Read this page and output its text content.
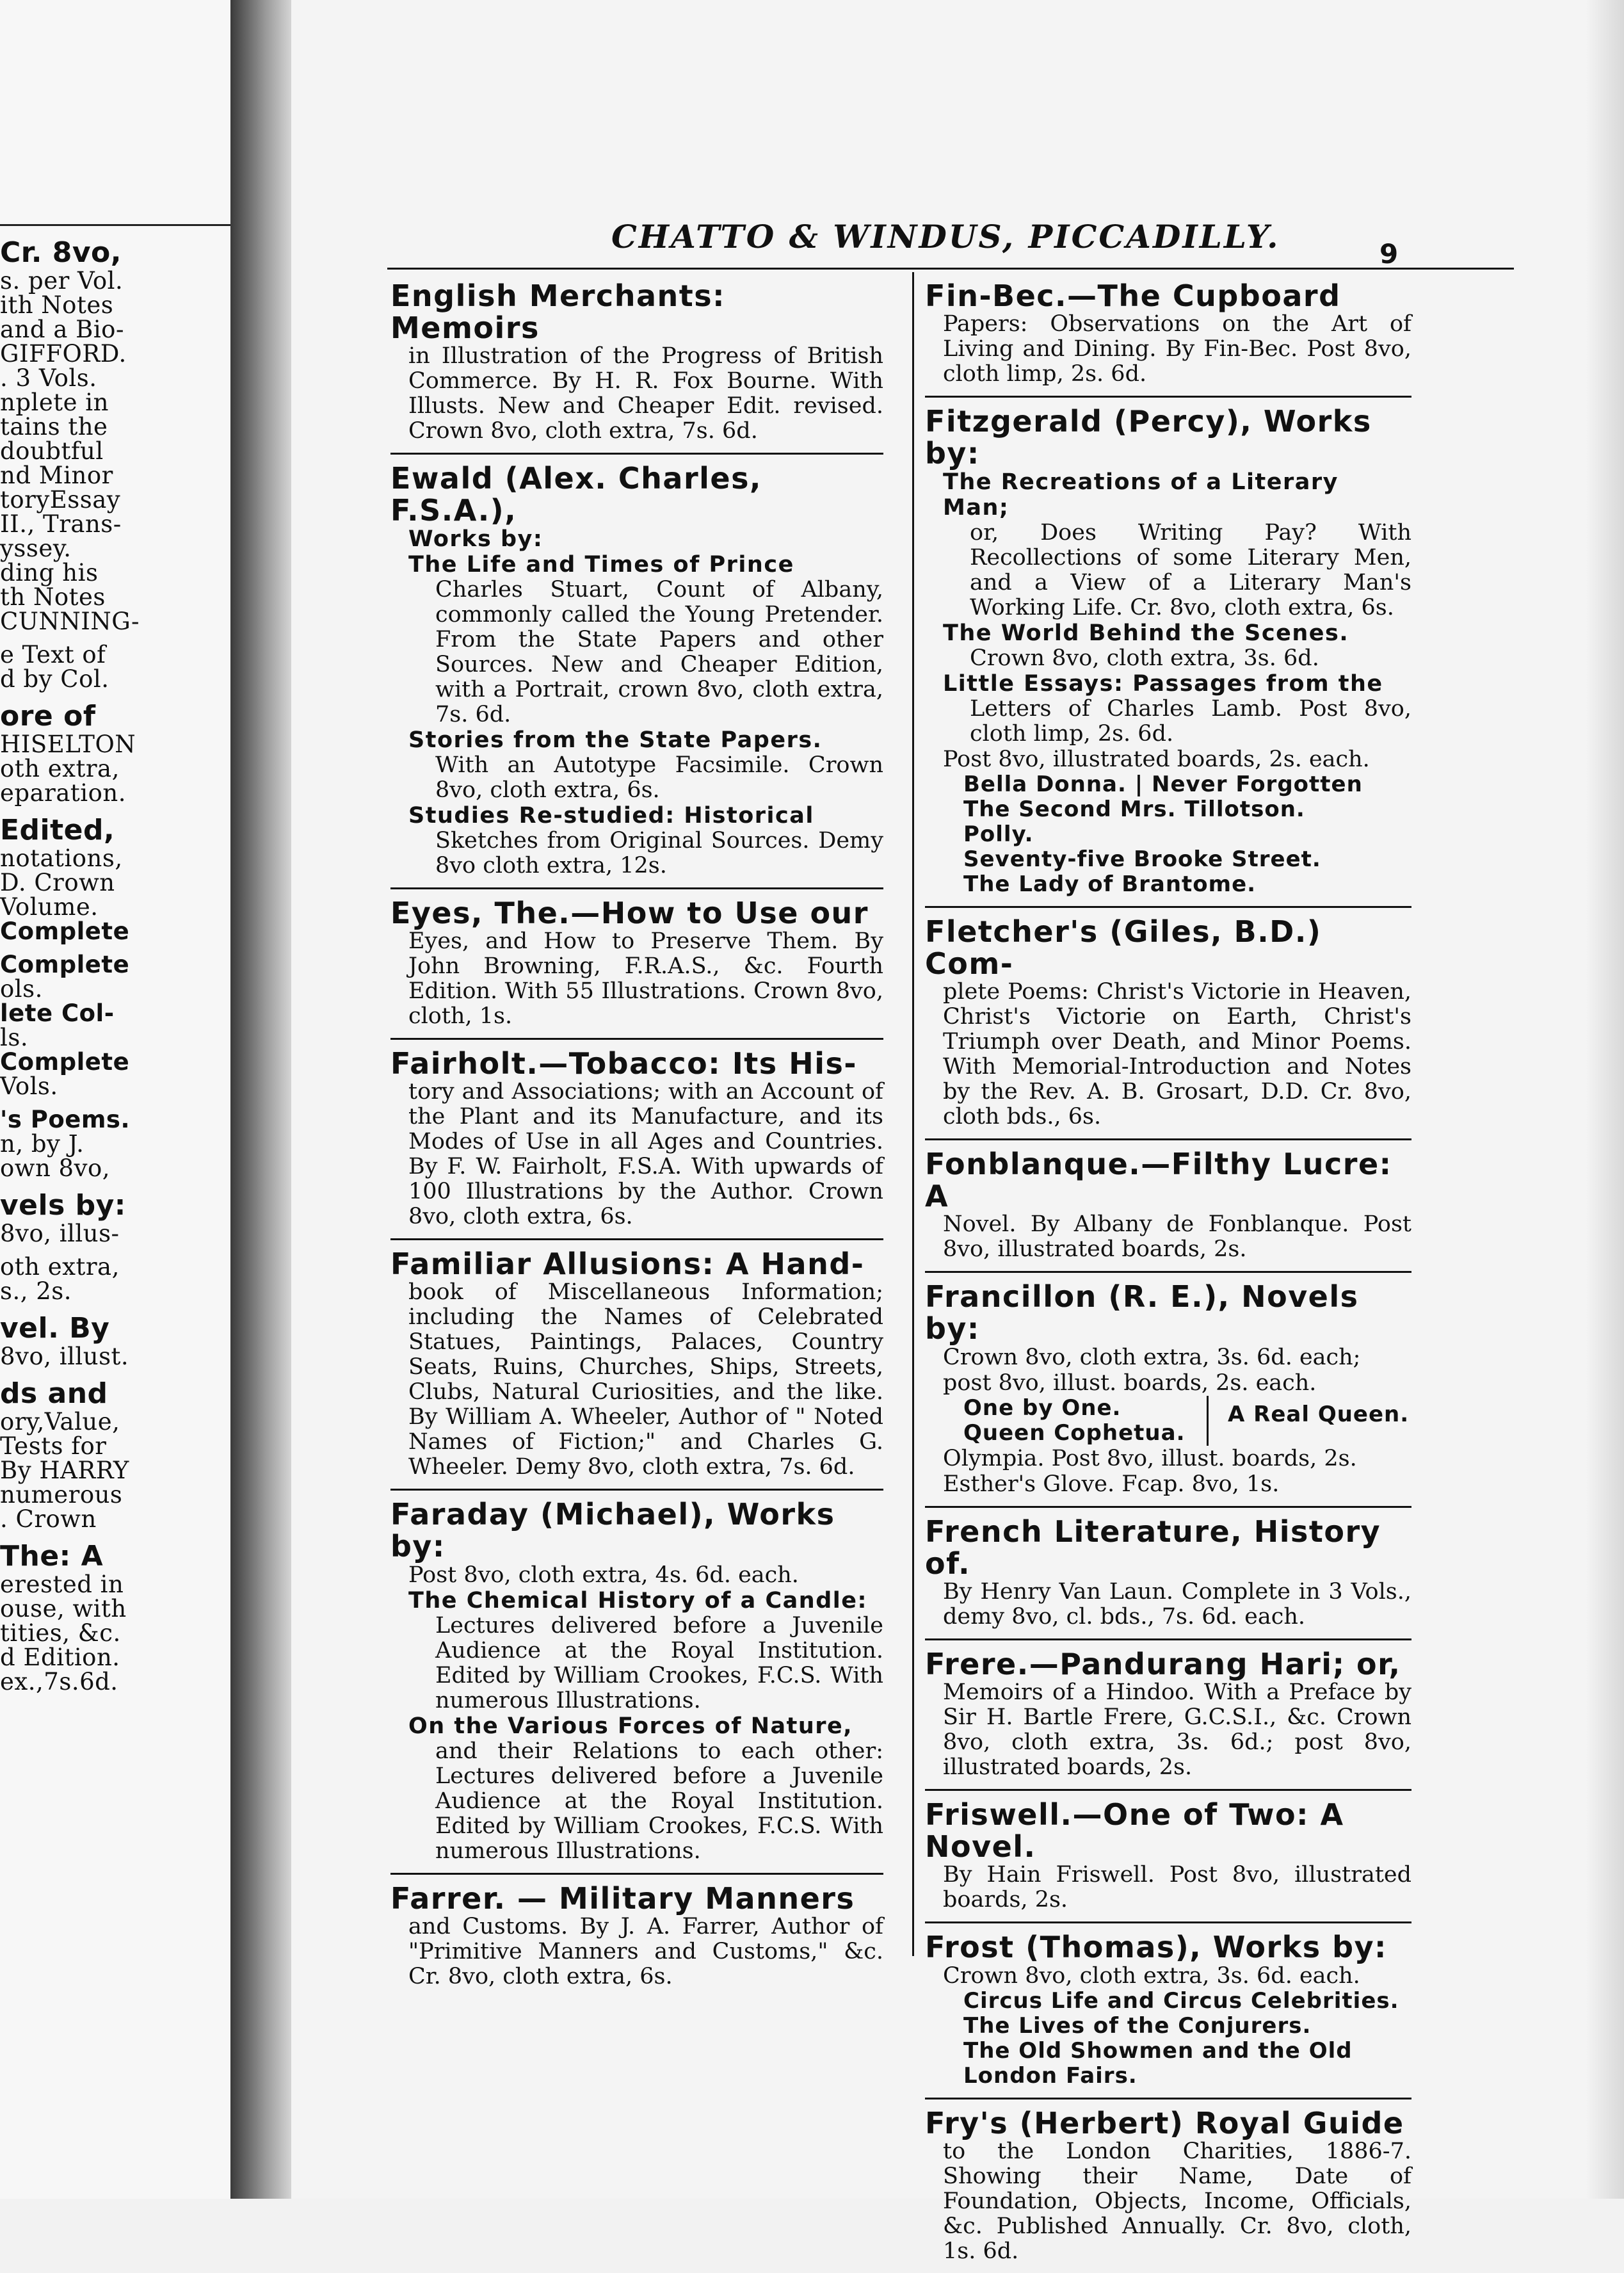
Cr. 8vo,
s. per Vol.
ith Notes
and a Bio-
GIFFORD.
. 3 Vols.
nplete in
tains the
doubtful
nd Minor
toryEssay
II., Trans-
yssey.
ding his
th Notes
CUNNING-
e Text of
d by Col.
ore of
HISELTON
oth extra,
eparation.
Edited,
notations,
D. Crown
Volume.
Complete
Complete
ols.
lete Col-
ls.
Complete
Vols.
's Poems.
n, by J.
own 8vo,
vels by:
8vo, illus-
oth extra,
s., 2s.
vel. By
8vo, illust.
ds and
ory,Value,
Tests for
By HARRY
numerous
. Crown
The: A
erested in
ouse, with
tities, &c.
d Edition.
ex.,7s.6d.
CHATTO & WINDUS, PICCADILLY.	9
English Merchants: Memoirs
in Illustration of the Progress of British Commerce. By H. R. Fox Bourne. With Illusts. New and Cheaper Edit. revised. Crown 8vo, cloth extra, 7s. 6d.
Ewald (Alex. Charles, F.S.A.),
Works by:
The Life and Times of Prince
Charles Stuart, Count of Albany, commonly called the Young Pretender. From the State Papers and other Sources. New and Cheaper Edition, with a Portrait, crown 8vo, cloth extra, 7s. 6d.
Stories from the State Papers.
With an Autotype Facsimile. Crown 8vo, cloth extra, 6s.
Studies Re-studied: Historical
Sketches from Original Sources. Demy 8vo cloth extra, 12s.
Eyes, The.—How to Use our
Eyes, and How to Preserve Them. By John Browning, F.R.A.S., &c. Fourth Edition. With 55 Illustrations. Crown 8vo, cloth, 1s.
Fairholt.—Tobacco: Its His-
tory and Associations; with an Account of the Plant and its Manufacture, and its Modes of Use in all Ages and Countries. By F. W. Fairholt, F.S.A. With upwards of 100 Illustrations by the Author. Crown 8vo, cloth extra, 6s.
Familiar Allusions: A Hand-
book of Miscellaneous Information; including the Names of Celebrated Statues, Paintings, Palaces, Country Seats, Ruins, Churches, Ships, Streets, Clubs, Natural Curiosities, and the like. By William A. Wheeler, Author of " Noted Names of Fiction;" and Charles G. Wheeler. Demy 8vo, cloth extra, 7s. 6d.
Faraday (Michael), Works by:
Post 8vo, cloth extra, 4s. 6d. each.
The Chemical History of a Candle:
Lectures delivered before a Juvenile Audience at the Royal Institution. Edited by William Crookes, F.C.S. With numerous Illustrations.
On the Various Forces of Nature,
and their Relations to each other: Lectures delivered before a Juvenile Audience at the Royal Institution. Edited by William Crookes, F.C.S. With numerous Illustrations.
Farrer. — Military Manners
and Customs. By J. A. Farrer, Author of "Primitive Manners and Customs," &c. Cr. 8vo, cloth extra, 6s.
Fin-Bec.—The Cupboard
Papers: Observations on the Art of Living and Dining. By Fin-Bec. Post 8vo, cloth limp, 2s. 6d.
Fitzgerald (Percy), Works by:
The Recreations of a Literary Man;
or, Does Writing Pay? With Recollections of some Literary Men, and a View of a Literary Man's Working Life. Cr. 8vo, cloth extra, 6s.
The World Behind the Scenes.
Crown 8vo, cloth extra, 3s. 6d.
Little Essays: Passages from the
Letters of Charles Lamb. Post 8vo, cloth limp, 2s. 6d.
Post 8vo, illustrated boards, 2s. each.
Bella Donna. | Never Forgotten
The Second Mrs. Tillotson.
Polly.
Seventy-five Brooke Street.
The Lady of Brantome.
Fletcher's (Giles, B.D.) Com-
plete Poems: Christ's Victorie in Heaven, Christ's Victorie on Earth, Christ's Triumph over Death, and Minor Poems. With Memorial-Introduction and Notes by the Rev. A. B. Grosart, D.D. Cr. 8vo, cloth bds., 6s.
Fonblanque.—Filthy Lucre: A
Novel. By Albany de Fonblanque. Post 8vo, illustrated boards, 2s.
Francillon (R. E.), Novels by:
Crown 8vo, cloth extra, 3s. 6d. each; post 8vo, illust. boards, 2s. each.
One by One.
Queen Cophetua.
A Real Queen.
Olympia. Post 8vo, illust. boards, 2s.
Esther's Glove. Fcap. 8vo, 1s.
French Literature, History of.
By Henry Van Laun. Complete in 3 Vols., demy 8vo, cl. bds., 7s. 6d. each.
Frere.—Pandurang Hari; or,
Memoirs of a Hindoo. With a Preface by Sir H. Bartle Frere, G.C.S.I., &c. Crown 8vo, cloth extra, 3s. 6d.; post 8vo, illustrated boards, 2s.
Friswell.—One of Two: A Novel.
By Hain Friswell. Post 8vo, illustrated boards, 2s.
Frost (Thomas), Works by:
Crown 8vo, cloth extra, 3s. 6d. each.
Circus Life and Circus Celebrities.
The Lives of the Conjurers.
The Old Showmen and the Old London Fairs.
Fry's (Herbert) Royal Guide
to the London Charities, 1886-7. Showing their Name, Date of Foundation, Objects, Income, Officials, &c. Published Annually. Cr. 8vo, cloth, 1s. 6d.
